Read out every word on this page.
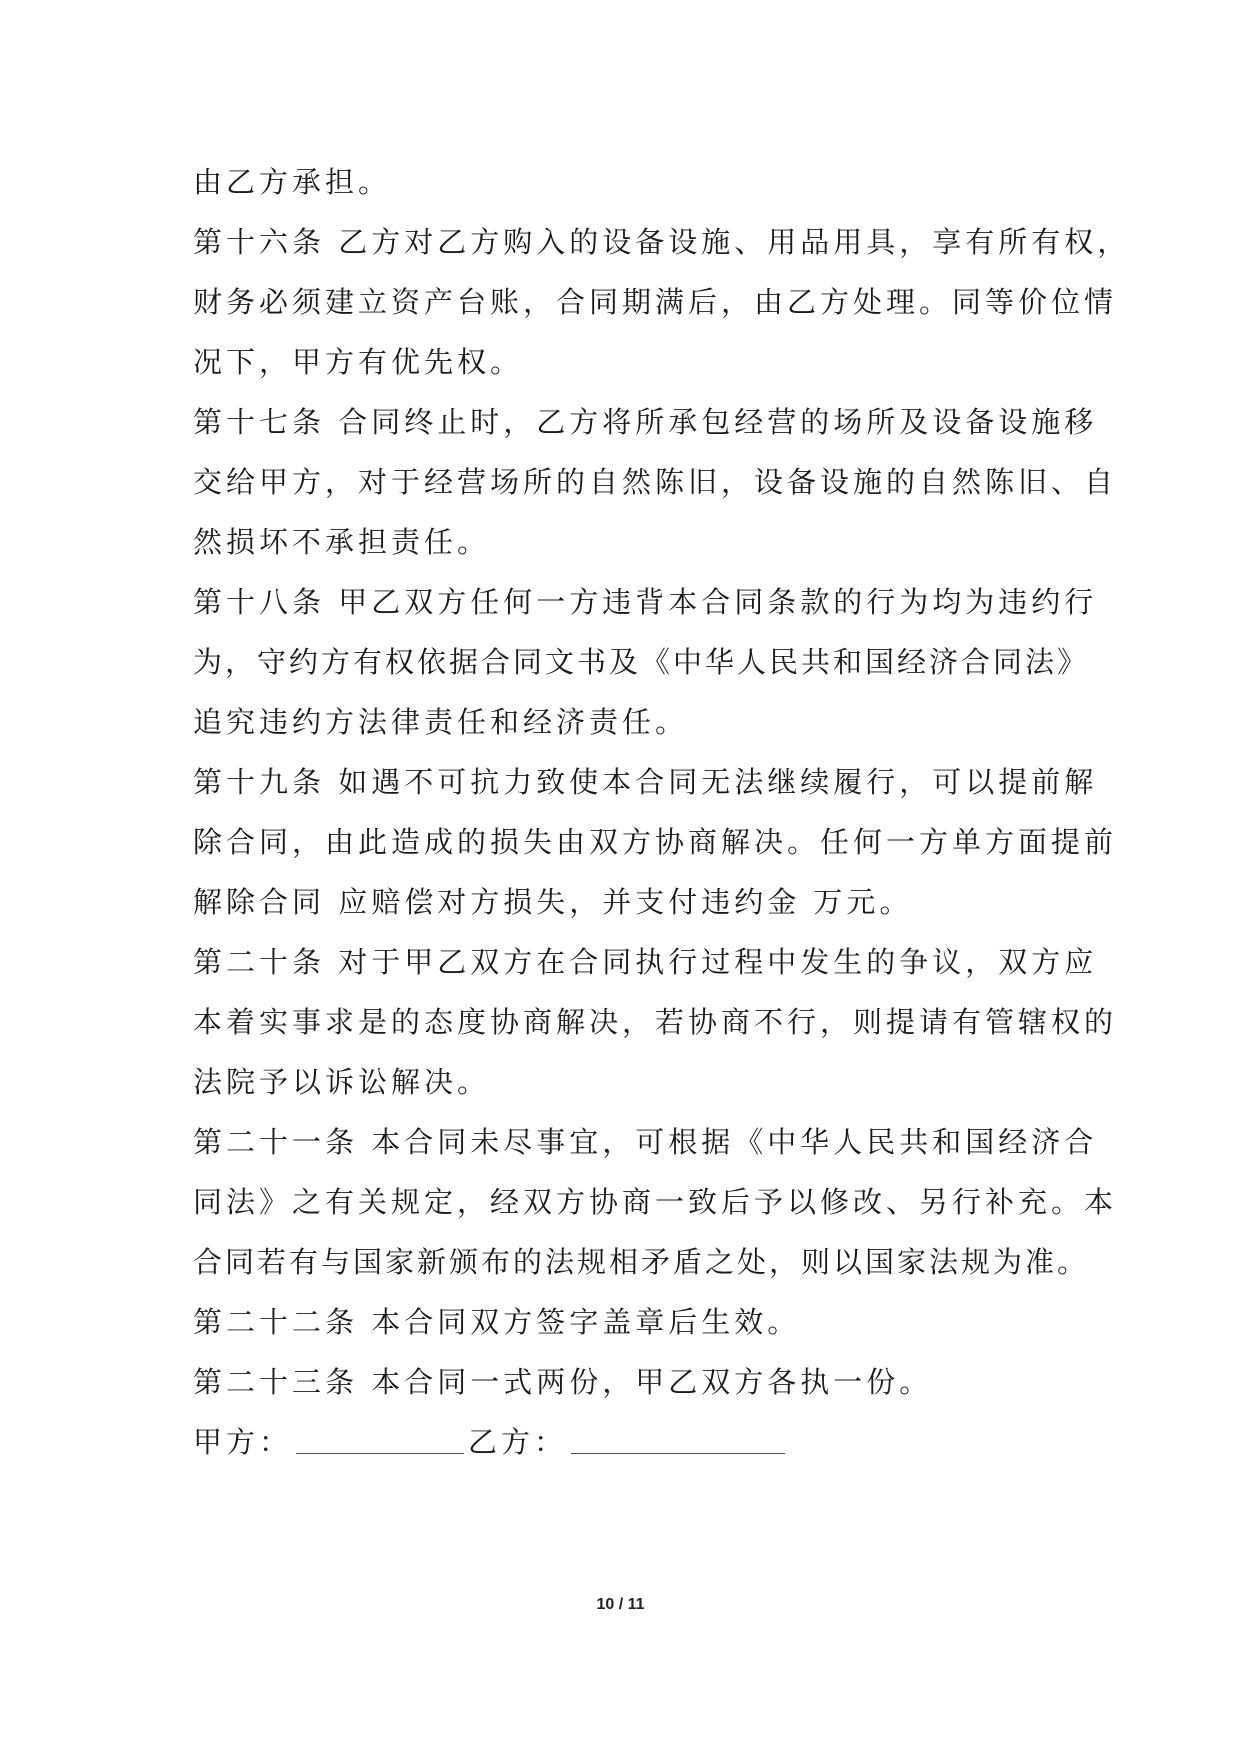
由乙方承担。
第十六条 乙方对乙方购入的设备设施、用品用具，享有所有权，
财务必须建立资产台账，合同期满后，由乙方处理。同等价位情
况下，甲方有优先权。
第十七条 合同终止时，乙方将所承包经营的场所及设备设施移
交给甲方，对于经营场所的自然陈旧，设备设施的自然陈旧、自
然损坏不承担责任。
第十八条 甲乙双方任何一方违背本合同条款的行为均为违约行
为，守约方有权依据合同文书及《中华人民共和国经济合同法》
追究违约方法律责任和经济责任。
第十九条 如遇不可抗力致使本合同无法继续履行，可以提前解
除合同，由此造成的损失由双方协商解决。任何一方单方面提前
解除合同 应赔偿对方损失，并支付违约金 万元。
第二十条 对于甲乙双方在合同执行过程中发生的争议，双方应
本着实事求是的态度协商解决，若协商不行，则提请有管辖权的
法院予以诉讼解决。
第二十一条 本合同未尽事宜，可根据《中华人民共和国经济合
同法》之有关规定，经双方协商一致后予以修改、另行补充。本
合同若有与国家新颁布的法规相矛盾之处，则以国家法规为准。
第二十二条 本合同双方签字盖章后生效。
第二十三条 本合同一式两份，甲乙双方各执一份。
甲方：	乙方：
10 / 11
